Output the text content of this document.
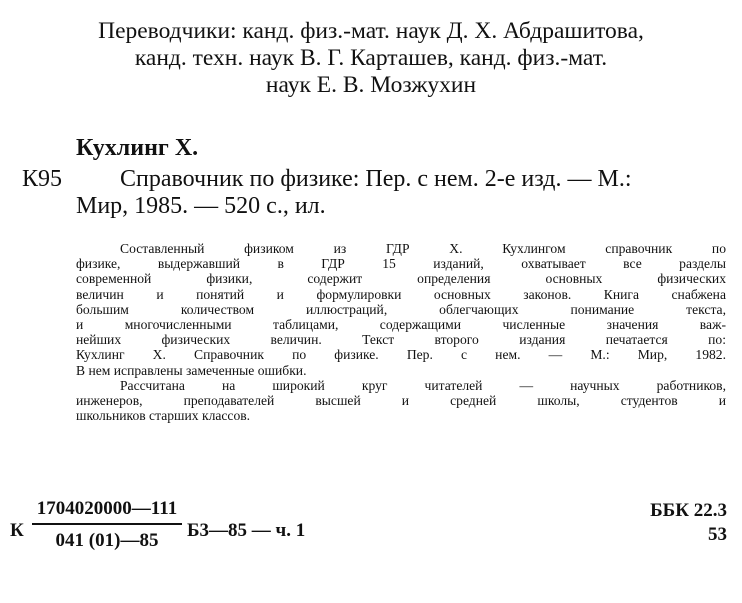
Переводчики: канд. физ.-мат. наук Д. Х. Абдрашитова,
канд. техн. наук В. Г. Карташев, канд. физ.-мат.
наук Е. В. Мозжухин
Кухлинг Х.
К95	Справочник по физике: Пер. с нем. 2-е изд. — М.:
Мир, 1985. — 520 с., ил.
Составленный физиком из ГДР Х. Кухлингом справочник по
физике, выдержавший в ГДР 15 изданий, охватывает все разделы
современной физики, содержит определения основных физических
величин и понятий и формулировки основных законов. Книга снабжена
большим количеством иллюстраций, облегчающих понимание текста,
и многочисленными таблицами, содержащими численные значения важ-
нейших физических величин. Текст второго издания печатается по:
Кухлинг Х. Справочник по физике. Пер. с нем. — М.: Мир, 1982.
В нем исправлены замеченные ошибки.
Рассчитана на широкий круг читателей — научных работников,
инженеров, преподавателей высшей и средней школы, студентов и
школьников старших классов.
К $\frac{1704020000—111}{041 (01)—85}$ Б3—85 — ч. 1
ББК 22.3
53
